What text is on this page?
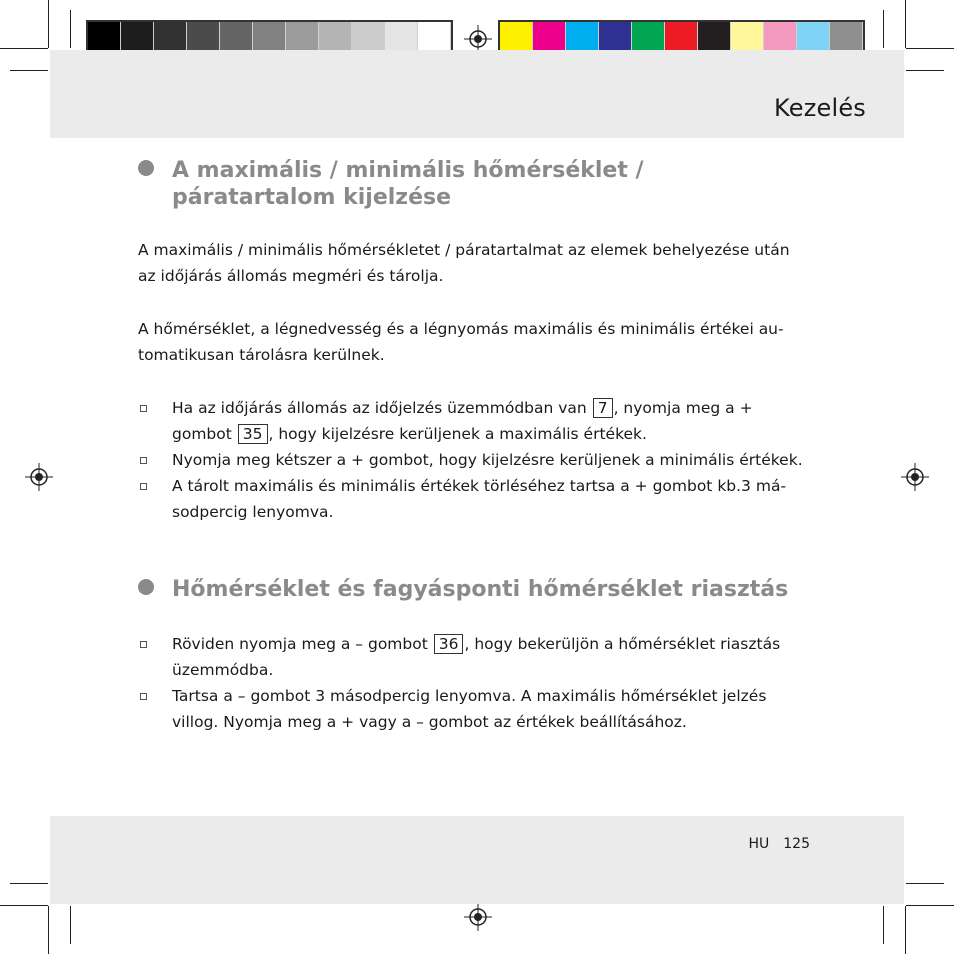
Kezelés
A maximális / minimális hőmérséklet /
páratartalom kijelzése

A maximális / minimális hőmérsékletet / páratartalmat az elemek behelyezése után
az időjárás állomás megméri és tárolja.

A hőmérséklet, a légnedvesség és a légnyomás maximális és minimális értékei au-
tomatikusan tárolásra kerülnek.

Ha az időjárás állomás az időjelzés üzemmódban van 7 , nyomja meg a +
gombot 35 , hogy kijelzésre kerüljenek a maximális értékek.
Nyomja meg kétszer a + gombot, hogy kijelzésre kerüljenek a minimális értékek.
A tárolt maximális és minimális értékek törléséhez tartsa a + gombot kb.3 má-
sodpercig lenyomva.
Hőmérséklet és fagyásponti hőmérséklet riasztás
Röviden nyomja meg a – gombot 36 , hogy bekerüljön a hőmérséklet riasztás
üzemmódba.
Tartsa a – gombot 3 másodpercig lenyomva. A maximális hőmérséklet jelzés
villog. Nyomja meg a + vagy a – gombot az értékek beállításához.
HU 125
